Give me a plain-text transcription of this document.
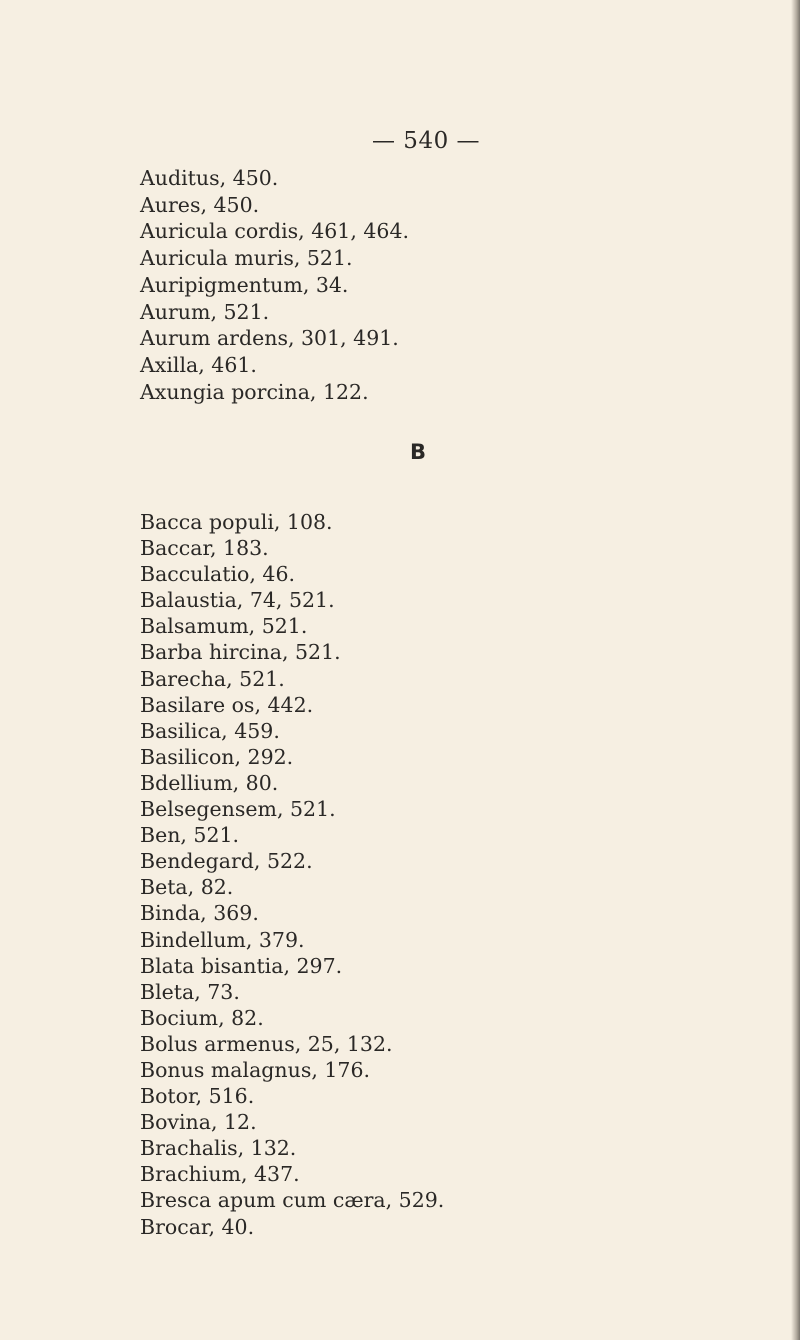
— 540 —
Auditus, 450.
Aures, 450.
Auricula cordis, 461, 464.
Auricula muris, 521.
Auripigmentum, 34.
Aurum, 521.
Aurum ardens, 301, 491.
Axilla, 461.
Axungia porcina, 122.
B
Bacca populi, 108.
Baccar, 183.
Bacculatio, 46.
Balaustia, 74, 521.
Balsamum, 521.
Barba hircina, 521.
Barecha, 521.
Basilare os, 442.
Basilica, 459.
Basilicon, 292.
Bdellium, 80.
Belsegensem, 521.
Ben, 521.
Bendegard, 522.
Beta, 82.
Binda, 369.
Bindellum, 379.
Blata bisantia, 297.
Bleta, 73.
Bocium, 82.
Bolus armenus, 25, 132.
Bonus malagnus, 176.
Botor, 516.
Bovina, 12.
Brachalis, 132.
Brachium, 437.
Bresca apum cum cæra, 529.
Brocar, 40.
